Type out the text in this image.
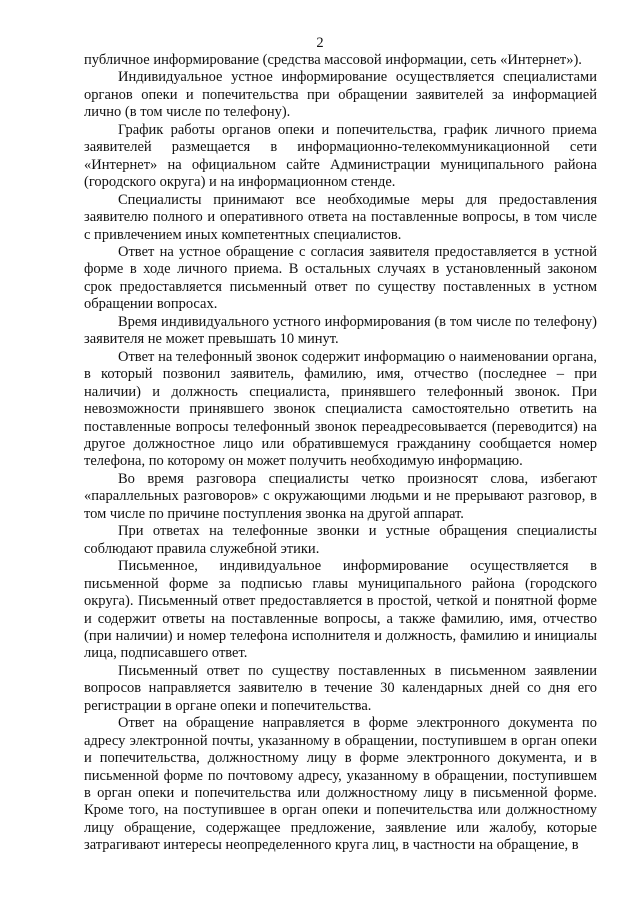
2

публичное информирование (средства массовой информации, сеть «Интернет»).

Индивидуальное устное информирование осуществляется специалистами органов опеки и попечительства при обращении заявителей за информацией лично (в том числе по телефону).

График работы органов опеки и попечительства, график личного приема заявителей размещается в информационно-телекоммуникационной сети «Интернет» на официальном сайте Администрации муниципального района (городского округа) и на информационном стенде.

Специалисты принимают все необходимые меры для предоставления заявителю полного и оперативного ответа на поставленные вопросы, в том числе с привлечением иных компетентных специалистов.

Ответ на устное обращение с согласия заявителя предоставляется в устной форме в ходе личного приема. В остальных случаях в установленный законом срок предоставляется письменный ответ по существу поставленных в устном обращении вопросах.

Время индивидуального устного информирования (в том числе по телефону) заявителя не может превышать 10 минут.

Ответ на телефонный звонок содержит информацию о наименовании органа, в который позвонил заявитель, фамилию, имя, отчество (последнее – при наличии) и должность специалиста, принявшего телефонный звонок. При невозможности принявшего звонок специалиста самостоятельно ответить на поставленные вопросы телефонный звонок переадресовывается (переводится) на другое должностное лицо или обратившемуся гражданину сообщается номер телефона, по которому он может получить необходимую информацию.

Во время разговора специалисты четко произносят слова, избегают «параллельных разговоров» с окружающими людьми и не прерывают разговор, в том числе по причине поступления звонка на другой аппарат.

При ответах на телефонные звонки и устные обращения специалисты соблюдают правила служебной этики.

Письменное, индивидуальное информирование осуществляется в письменной форме за подписью главы муниципального района (городского округа). Письменный ответ предоставляется в простой, четкой и понятной форме и содержит ответы на поставленные вопросы, а также фамилию, имя, отчество (при наличии) и номер телефона исполнителя и должность, фамилию и инициалы лица, подписавшего ответ.

Письменный ответ по существу поставленных в письменном заявлении вопросов направляется заявителю в течение 30 календарных дней со дня его регистрации в органе опеки и попечительства.

Ответ на обращение направляется в форме электронного документа по адресу электронной почты, указанному в обращении, поступившем в орган опеки и попечительства, должностному лицу в форме электронного документа, и в письменной форме по почтовому адресу, указанному в обращении, поступившем в орган опеки и попечительства или должностному лицу в письменной форме. Кроме того, на поступившее в орган опеки и попечительства или должностному лицу обращение, содержащее предложение, заявление или жалобу, которые затрагивают интересы неопределенного круга лиц, в частности на обращение, в
